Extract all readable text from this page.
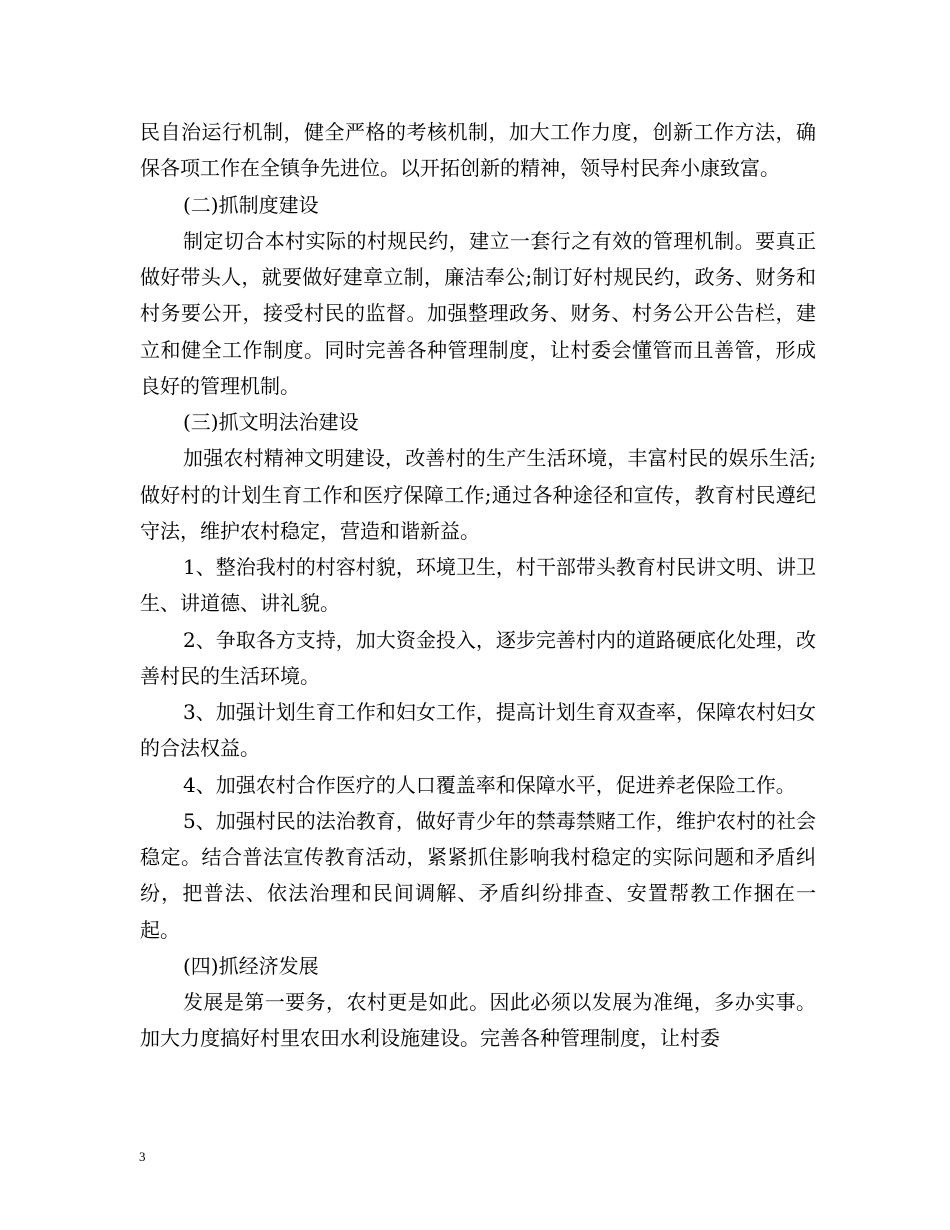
民自治运行机制，健全严格的考核机制，加大工作力度，创新工作方法，确保各项工作在全镇争先进位。以开拓创新的精神，领导村民奔小康致富。

(二)抓制度建设

制定切合本村实际的村规民约，建立一套行之有效的管理机制。要真正做好带头人，就要做好建章立制，廉洁奉公;制订好村规民约，政务、财务和村务要公开，接受村民的监督。加强整理政务、财务、村务公开公告栏，建立和健全工作制度。同时完善各种管理制度，让村委会懂管而且善管，形成良好的管理机制。

(三)抓文明法治建设

加强农村精神文明建设，改善村的生产生活环境，丰富村民的娱乐生活;做好村的计划生育工作和医疗保障工作;通过各种途径和宣传，教育村民遵纪守法，维护农村稳定，营造和谐新益。

1、整治我村的村容村貌，环境卫生，村干部带头教育村民讲文明、讲卫生、讲道德、讲礼貌。

2、争取各方支持，加大资金投入，逐步完善村内的道路硬底化处理，改善村民的生活环境。

3、加强计划生育工作和妇女工作，提高计划生育双查率，保障农村妇女的合法权益。

4、加强农村合作医疗的人口覆盖率和保障水平，促进养老保险工作。

5、加强村民的法治教育，做好青少年的禁毒禁赌工作，维护农村的社会稳定。结合普法宣传教育活动，紧紧抓住影响我村稳定的实际问题和矛盾纠纷，把普法、依法治理和民间调解、矛盾纠纷排查、安置帮教工作捆在一起。

(四)抓经济发展

发展是第一要务，农村更是如此。因此必须以发展为准绳，多办实事。加大力度搞好村里农田水利设施建设。完善各种管理制度，让村委

3
